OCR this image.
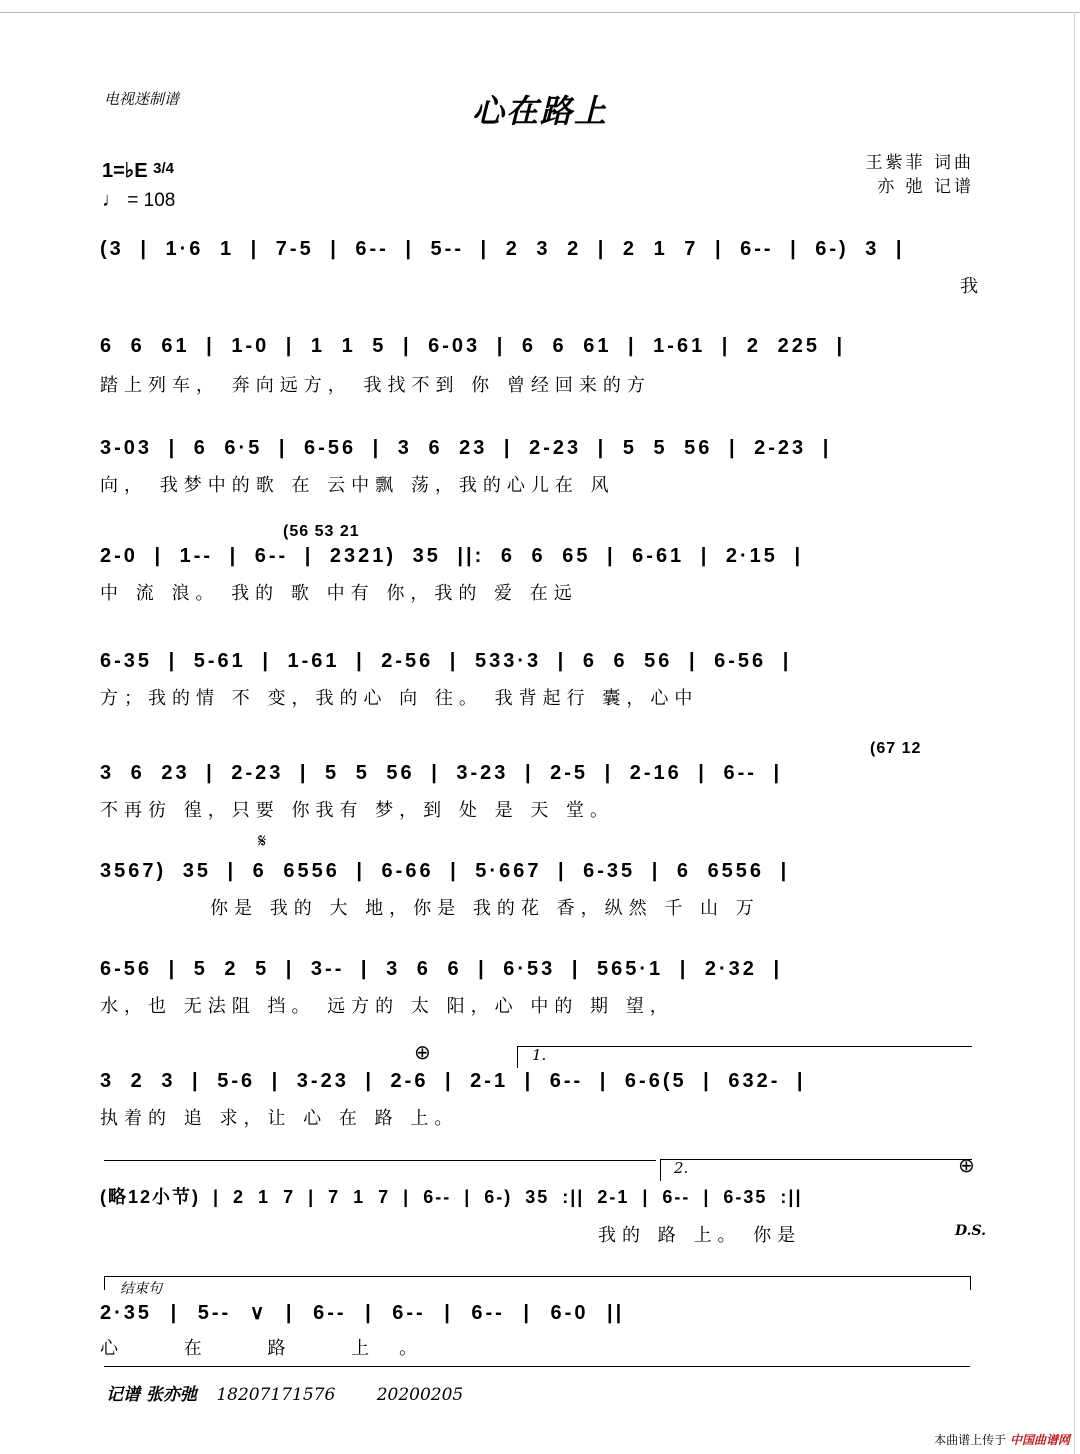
电视迷制谱	心在路上
王紫菲 词曲
亦 弛 记谱
1=♭E $^{3/4}$
♩ = 108
(3 | 1·6 1 | 7-5 | 6-- | 5-- | 2 3 2 | 2 1 7 | 6-- | 6-) 3 |
我
6 6 61 | 1-0 | 1 1 5 | 6-03 | 6 6 61 | 1-61 | 2 225 |
踏上列车， 奔向远方， 我找不到 你 曾经回来的方
3-03 | 6 6·5 | 6-56 | 3 6 23 | 2-23 | 5 5 56 | 2-23 |
向， 我梦中的歌 在 云中飘 荡，我的心儿在 风
(56 53 21
2-0 | 1-- | 6-- | 2321) 35 ||: 6 6 65 | 6-61 | 2·15 |
中 流 浪。 我的 歌 中有 你，我的 爱 在远
6-35 | 5-61 | 1-61 | 2-56 | 533·3 | 6 6 56 | 6-56 |
方；我的情 不 变，我的心 向 往。 我背起行 囊，心中
(67 12
3 6 23 | 2-23 | 5 5 56 | 3-23 | 2-5 | 2-16 | 6-- |
不再彷 徨，只要 你我有 梦，到 处 是 天 堂。
𝄋
3567) 35 | 6 6556 | 6-66 | 5·667 | 6-35 | 6 6556 |
你是 我的 大 地，你是 我的花 香，纵然 千 山 万
6-56 | 5 2 5 | 3-- | 3 6 6 | 6·53 | 565·1 | 2·32 |
水，也 无法阻 挡。 远方的 太 阳，心 中的 期 望，
⊕	1.
3 2 3 | 5-6 | 3-23 | 2-6 | 2-1 | 6-- | 6-6(5 | 632- |
执着的 追 求，让 心 在 路 上。
2.	⊕
(略12小节) | 2 1 7 | 7 1 7 | 6-- | 6-) 35 :|| 2-1 | 6-- | 6-35 :||
D.S.
我的 路 上。 你是
结束句
2·35 | 5-- ∨ | 6-- | 6-- | 6-- | 6-0 ||
心 在 路 上。
记谱 张亦弛 18207171576 20200205
本曲谱上传于 中国曲谱网
